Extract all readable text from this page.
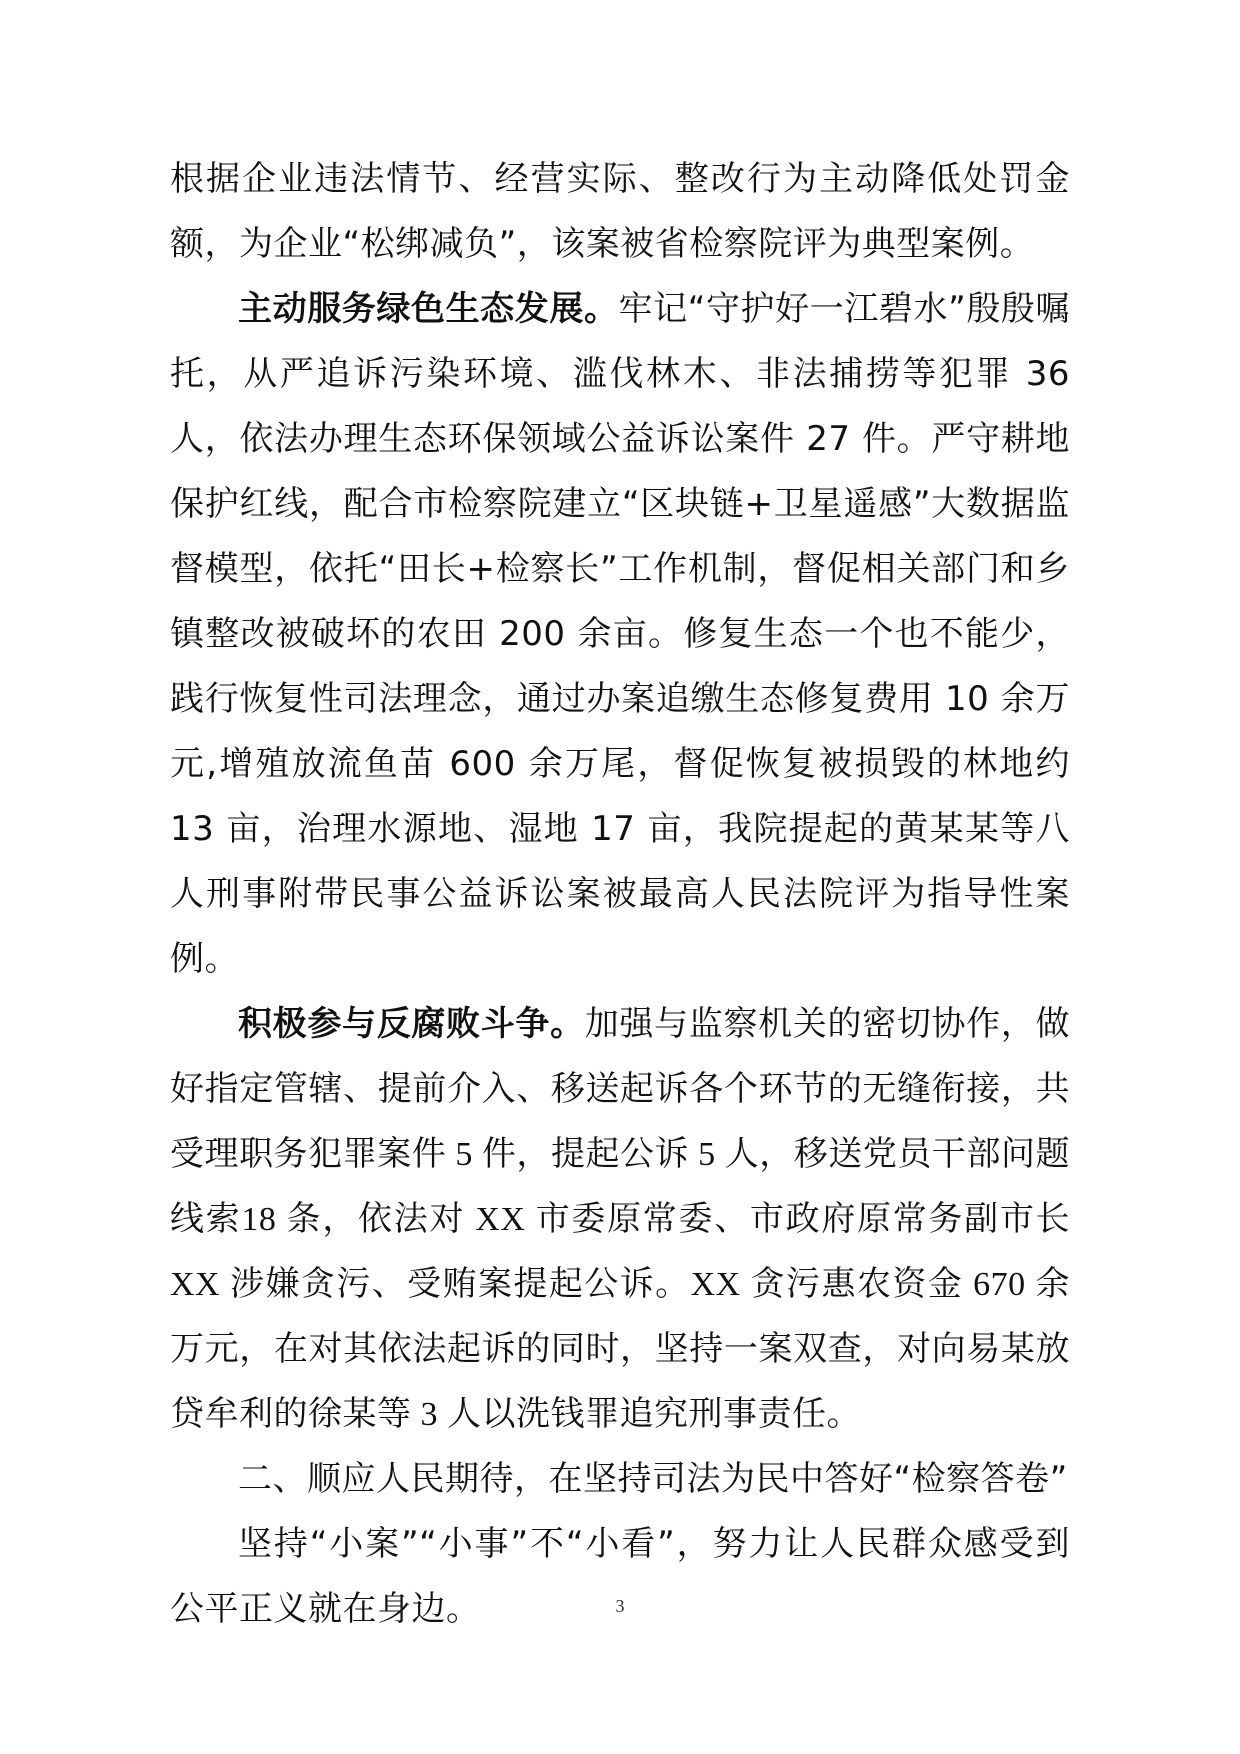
根据企业违法情节、经营实际、整改行为主动降低处罚金额，为企业“松绑减负”，该案被省检察院评为典型案例。

主动服务绿色生态发展。牢记“守护好一江碧水”殷殷嘱托，从严追诉污染环境、滥伐林木、非法捕捞等犯罪 36 人，依法办理生态环保领域公益诉讼案件 27 件。严守耕地保护红线，配合市检察院建立“区块链+卫星遥感”大数据监督模型，依托“田长+检察长”工作机制，督促相关部门和乡镇整改被破坏的农田 200 余亩。修复生态一个也不能少，践行恢复性司法理念，通过办案追缴生态修复费用 10 余万元,增殖放流鱼苗 600 余万尾，督促恢复被损毁的林地约 13 亩，治理水源地、湿地 17 亩，我院提起的黄某某等八人刑事附带民事公益诉讼案被最高人民法院评为指导性案例。

积极参与反腐败斗争。加强与监察机关的密切协作，做好指定管辖、提前介入、移送起诉各个环节的无缝衔接，共受理职务犯罪案件 5 件，提起公诉 5 人，移送党员干部问题线索18 条，依法对 XX 市委原常委、市政府原常务副市长 XX 涉嫌贪污、受贿案提起公诉。XX 贪污惠农资金 670 余万元，在对其依法起诉的同时，坚持一案双查，对向易某放贷牟利的徐某等 3 人以洗钱罪追究刑事责任。

二、顺应人民期待，在坚持司法为民中答好“检察答卷”

坚持“小案”“小事”不“小看”，努力让人民群众感受到公平正义就在身边。	3
